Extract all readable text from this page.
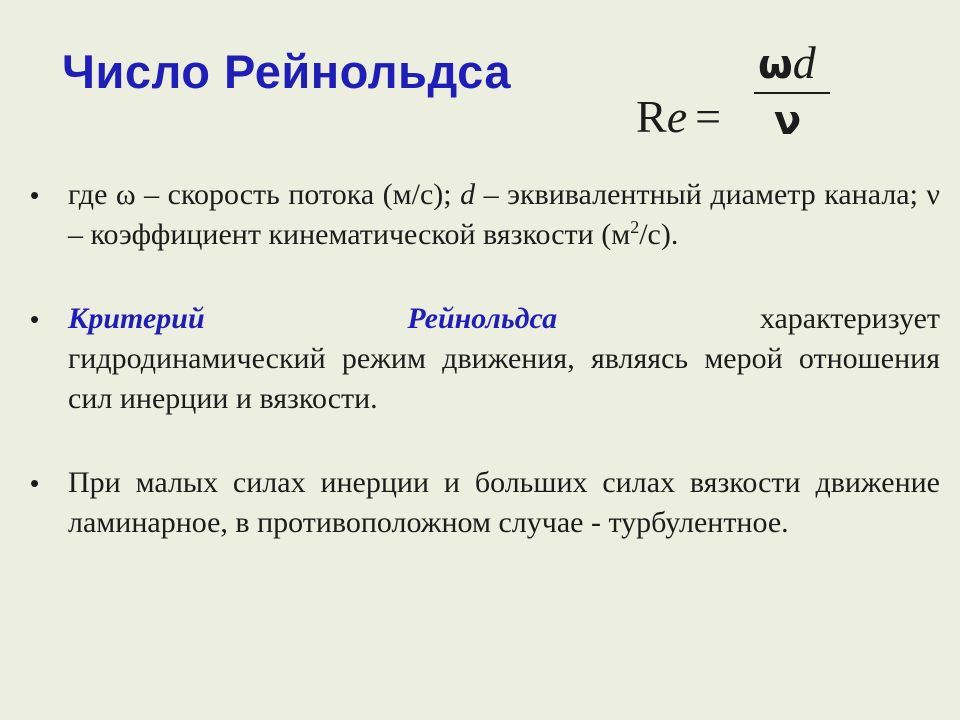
Число Рейнольдса
Re =
ωd
ν
• где ω – скорость потока (м/с); d – эквивалентный диаметр канала; ν – коэффициент кинематической вязкости $(м^2/с)$.
• Критерий	Рейнольдса	характеризует
гидродинамический режим движения, являясь мерой отношения сил инерции и вязкости.
• При малых силах инерции и больших силах вязкости движение ламинарное, в противоположном случае - турбулентное.
